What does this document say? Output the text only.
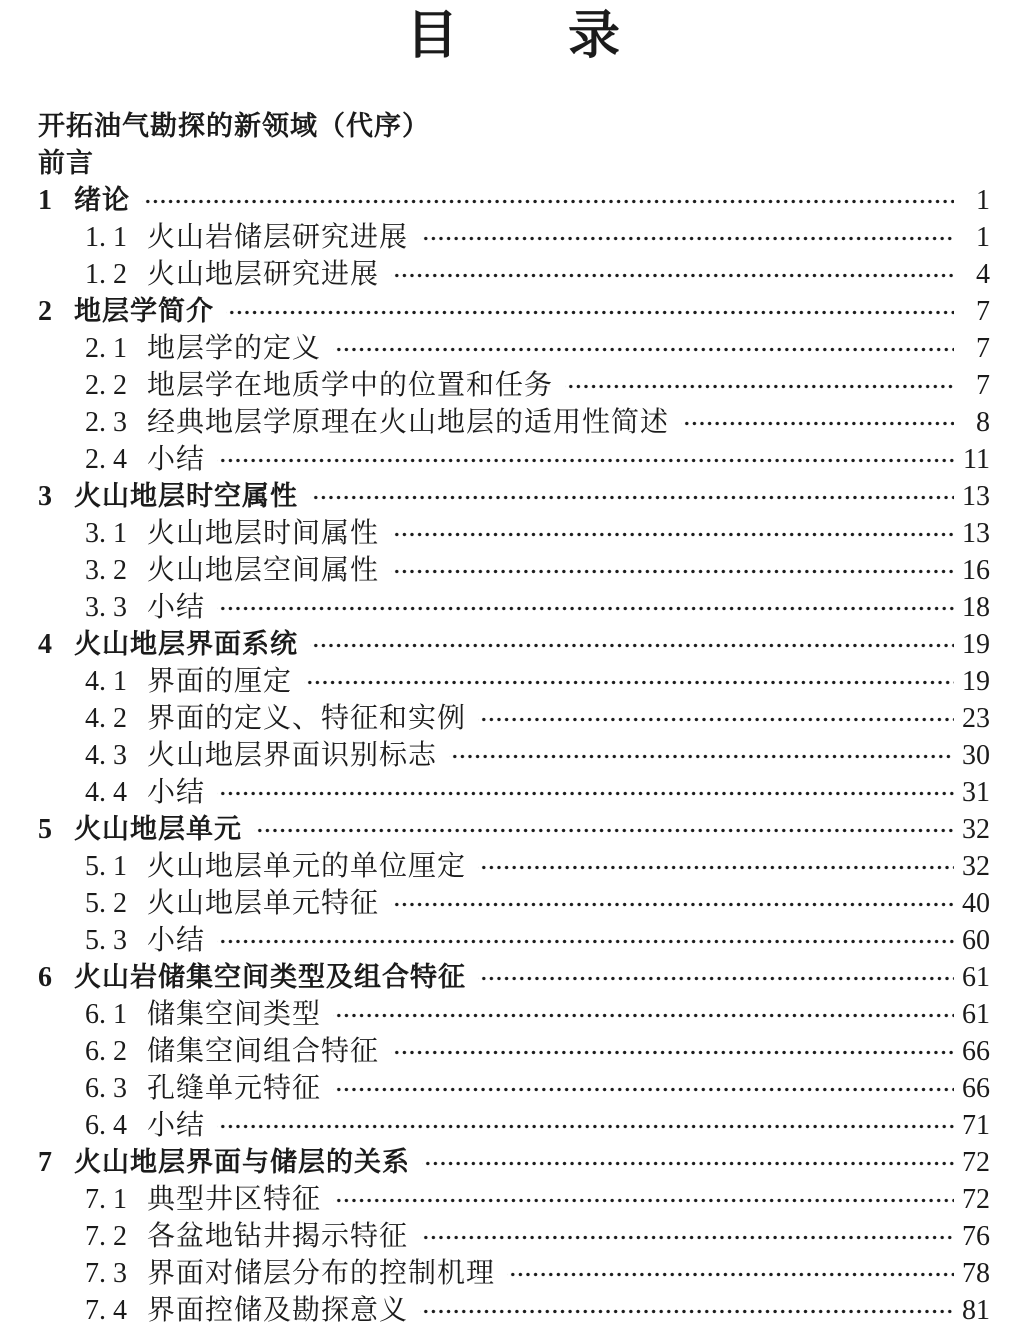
目　　录
开拓油气勘探的新领域（代序）
前言
1 绪论	1
1. 1 火山岩储层研究进展	1
1. 2 火山地层研究进展	4
2 地层学简介	7
2. 1 地层学的定义	7
2. 2 地层学在地质学中的位置和任务	7
2. 3 经典地层学原理在火山地层的适用性简述	8
2. 4 小结	11
3 火山地层时空属性	13
3. 1 火山地层时间属性	13
3. 2 火山地层空间属性	16
3. 3 小结	18
4 火山地层界面系统	19
4. 1 界面的厘定	19
4. 2 界面的定义、特征和实例	23
4. 3 火山地层界面识别标志	30
4. 4 小结	31
5 火山地层单元	32
5. 1 火山地层单元的单位厘定	32
5. 2 火山地层单元特征	40
5. 3 小结	60
6 火山岩储集空间类型及组合特征	61
6. 1 储集空间类型	61
6. 2 储集空间组合特征	66
6. 3 孔缝单元特征	66
6. 4 小结	71
7 火山地层界面与储层的关系	72
7. 1 典型井区特征	72
7. 2 各盆地钻井揭示特征	76
7. 3 界面对储层分布的控制机理	78
7. 4 界面控储及勘探意义	81
